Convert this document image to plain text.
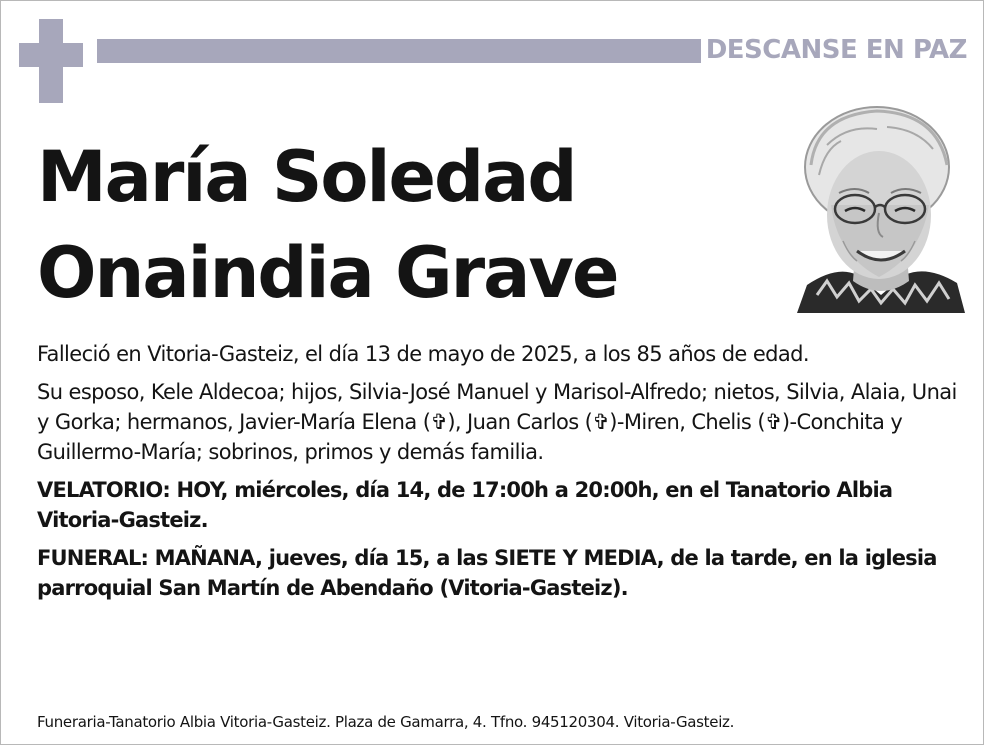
DESCANSE EN PAZ
María Soledad
Onaindia Grave

Falleció en Vitoria-Gasteiz, el día 13 de mayo de 2025, a los 85 años de edad.

Su esposo, Kele Aldecoa; hijos, Silvia-José Manuel y Marisol-Alfredo; nietos, Silvia, Alaia, Unai y Gorka; hermanos, Javier-María Elena (✞), Juan Carlos (✞)-Miren, Chelis (✞)-Conchita y Guillermo-María; sobrinos, primos y demás familia.

VELATORIO: HOY, miércoles, día 14, de 17:00h a 20:00h, en el Tanatorio Albia Vitoria-Gasteiz.

FUNERAL: MAÑANA, jueves, día 15, a las SIETE Y MEDIA, de la tarde, en la iglesia parroquial San Martín de Abendaño (Vitoria-Gasteiz).

Funeraria-Tanatorio Albia Vitoria-Gasteiz. Plaza de Gamarra, 4. Tfno. 945120304. Vitoria-Gasteiz.
